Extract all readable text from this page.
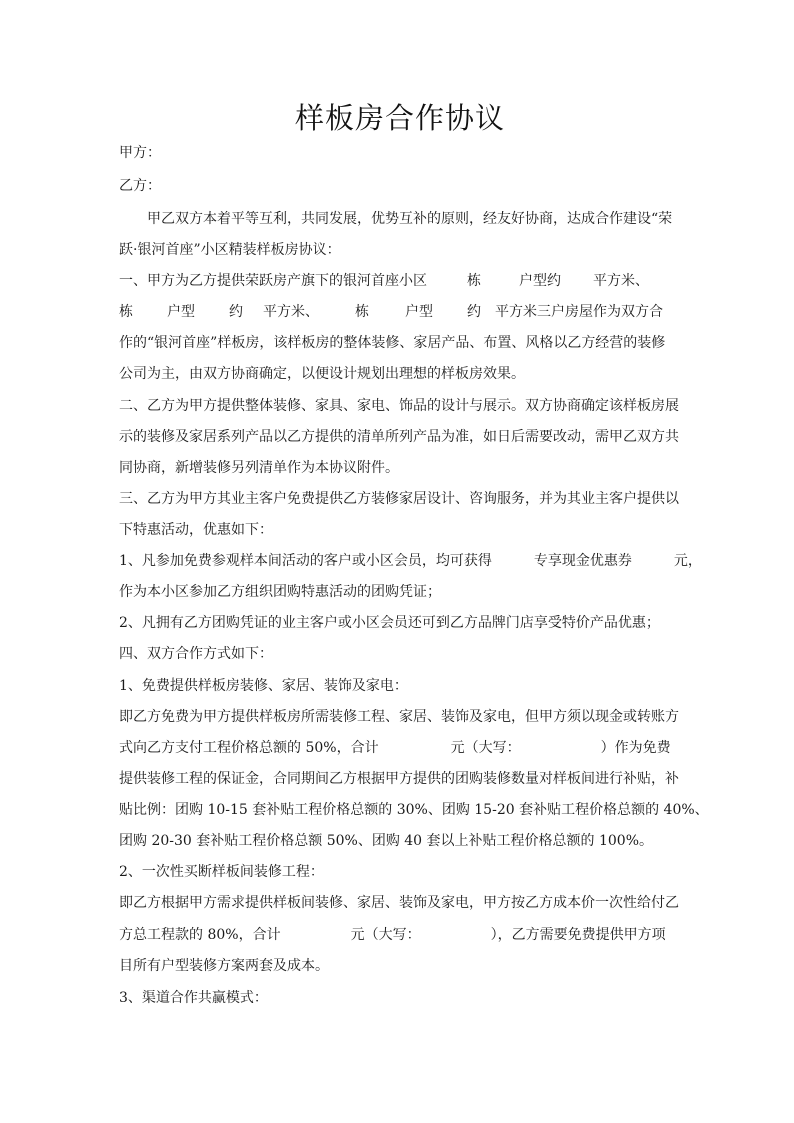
样板房合作协议
甲方：
乙方：
甲乙双方本着平等互利，共同发展，优势互补的原则，经友好协商，达成合作建设“荣
跃·银河首座”小区精装样板房协议：
一、甲方为乙方提供荣跃房产旗下的银河首座小区	栋	户型约 平方米、
栋 户型 约 平方米、	栋	户型 约 平方米三户房屋作为双方合
作的“银河首座”样板房，该样板房的整体装修、家居产品、布置、风格以乙方经营的装修
公司为主，由双方协商确定，以便设计规划出理想的样板房效果。
二、乙方为甲方提供整体装修、家具、家电、饰品的设计与展示。双方协商确定该样板房展
示的装修及家居系列产品以乙方提供的清单所列产品为准，如日后需要改动，需甲乙双方共
同协商，新增装修另列清单作为本协议附件。
三、乙方为甲方其业主客户免费提供乙方装修家居设计、咨询服务，并为其业主客户提供以
下特惠活动，优惠如下：
1、凡参加免费参观样本间活动的客户或小区会员，均可获得	专享现金优惠券	元，
作为本小区参加乙方组织团购特惠活动的团购凭证；
2、凡拥有乙方团购凭证的业主客户或小区会员还可到乙方品牌门店享受特价产品优惠；
四、双方合作方式如下：
1、免费提供样板房装修、家居、装饰及家电：
即乙方免费为甲方提供样板房所需装修工程、家居、装饰及家电，但甲方须以现金或转账方
式向乙方支付工程价格总额的 50%，合计	元（大写：	）作为免费
提供装修工程的保证金，合同期间乙方根据甲方提供的团购装修数量对样板间进行补贴，补
贴比例：团购 10-15 套补贴工程价格总额的 30%、团购 15-20 套补贴工程价格总额的 40%、
团购 20-30 套补贴工程价格总额 50%、团购 40 套以上补贴工程价格总额的 100%。
2、一次性买断样板间装修工程：
即乙方根据甲方需求提供样板间装修、家居、装饰及家电，甲方按乙方成本价一次性给付乙
方总工程款的 80%，合计	元（大写：	），乙方需要免费提供甲方项
目所有户型装修方案两套及成本。
3、渠道合作共赢模式：
